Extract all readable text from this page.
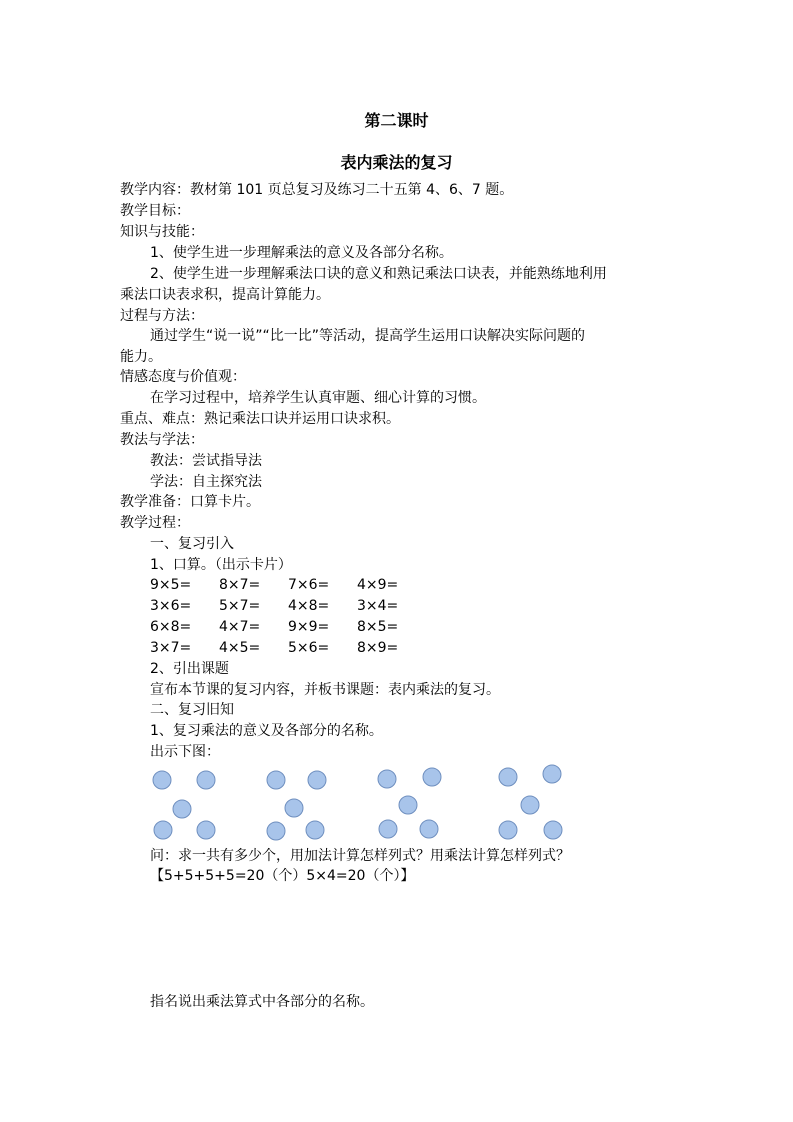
第二课时
表内乘法的复习
教学内容：教材第 101 页总复习及练习二十五第 4、6、7 题。
教学目标：
知识与技能：
1、使学生进一步理解乘法的意义及各部分名称。
2、使学生进一步理解乘法口诀的意义和熟记乘法口诀表，并能熟练地利用
乘法口诀表求积，提高计算能力。
过程与方法：
通过学生“说一说”“比一比”等活动，提高学生运用口诀解决实际问题的
能力。
情感态度与价值观：
在学习过程中，培养学生认真审题、细心计算的习惯。
重点、难点：熟记乘法口诀并运用口诀求积。
教法与学法：
教法：尝试指导法
学法：自主探究法
教学准备：口算卡片。
教学过程：
一、复习引入
1、口算。（出示卡片）
9×5= 8×7= 7×6= 4×9=
3×6= 5×7= 4×8= 3×4=
6×8= 4×7= 9×9= 8×5=
3×7= 4×5= 5×6= 8×9=
2、引出课题
宣布本节课的复习内容，并板书课题：表内乘法的复习。
二、复习旧知
1、复习乘法的意义及各部分的名称。
出示下图：
问：求一共有多少个，用加法计算怎样列式？用乘法计算怎样列式？
【5+5+5+5=20（个）5×4=20（个）】
指名说出乘法算式中各部分的名称。
